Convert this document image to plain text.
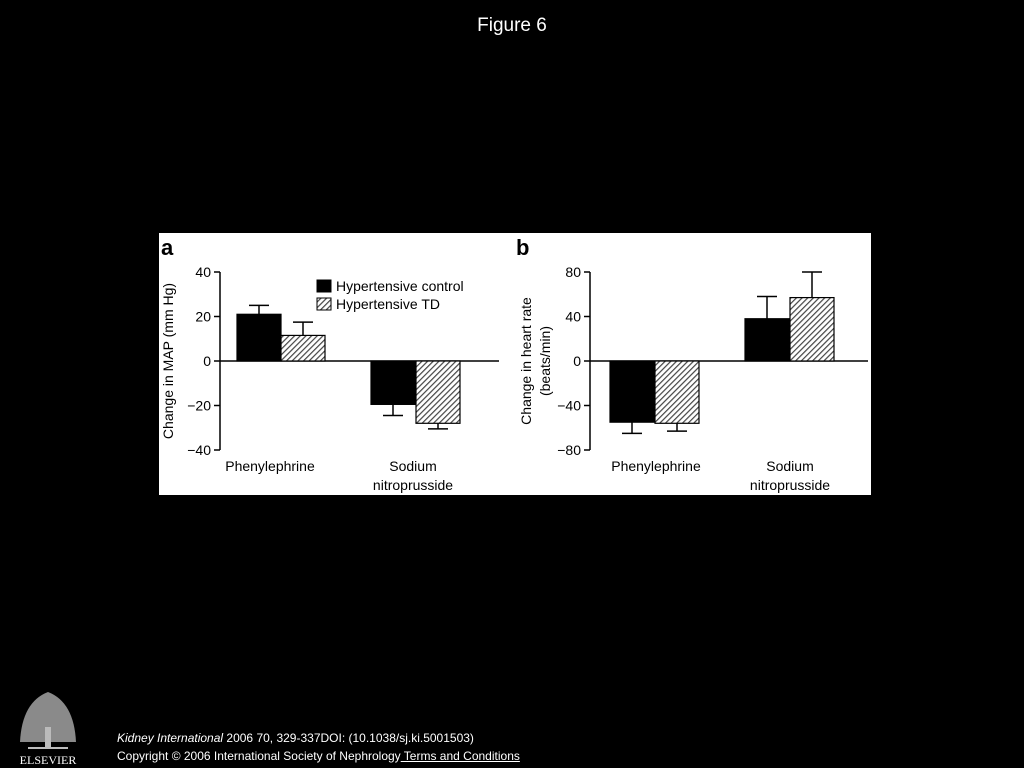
Figure 6
a	b
Hypertensive control
Hypertensive TD
40
20
0
−20
−40
Change in MAP (mm Hg)
Phenylephrine	Sodium
nitroprusside
80
40
0
−40
−80
Change in heart rate (beats/min)
Phenylephrine	Sodium
nitroprusside
ELSEVIER
Kidney International 2006 70, 329-337DOI: (10.1038/sj.ki.5001503)
Copyright © 2006 International Society of Nephrology Terms and Conditions
